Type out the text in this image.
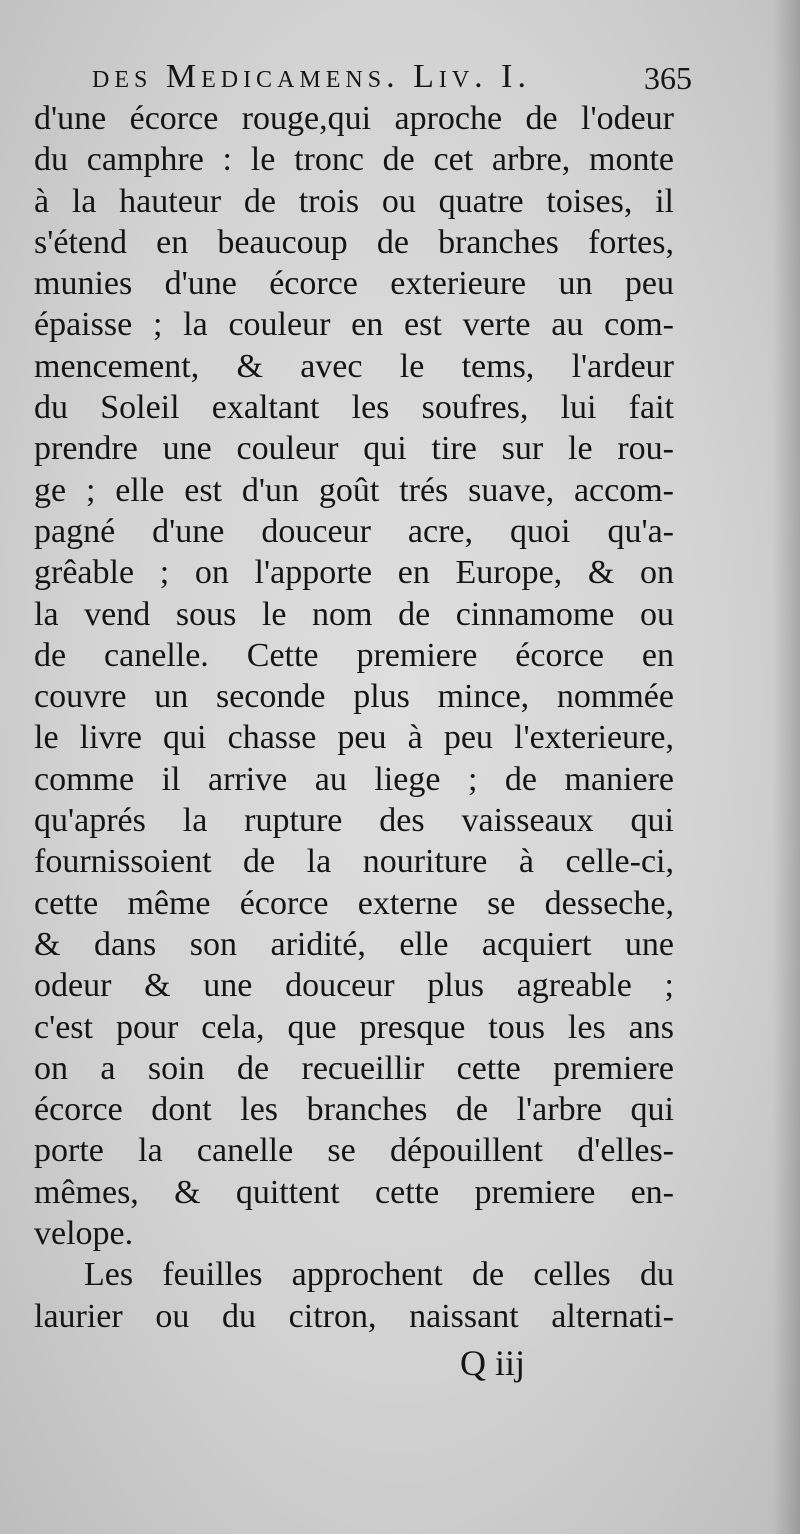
des Medicamens. Liv. I.	365
d'une écorce rouge,qui aproche de l'odeur
du camphre : le tronc de cet arbre, monte
à la hauteur de trois ou quatre toises, il
s'étend en beaucoup de branches fortes,
munies d'une écorce exterieure un peu
épaisse ; la couleur en est verte au com-
mencement, & avec le tems, l'ardeur
du Soleil exaltant les soufres, lui fait
prendre une couleur qui tire sur le rou-
ge ; elle est d'un goût trés suave, accom-
pagné d'une douceur acre, quoi qu'a-
grêable ; on l'apporte en Europe, & on
la vend sous le nom de cinnamome ou
de canelle. Cette premiere écorce en
couvre un seconde plus mince, nommée
le livre qui chasse peu à peu l'exterieure,
comme il arrive au liege ; de maniere
qu'aprés la rupture des vaisseaux qui
fournissoient de la nouriture à celle-ci,
cette même écorce externe se desseche,
& dans son aridité, elle acquiert une
odeur & une douceur plus agreable ;
c'est pour cela, que presque tous les ans
on a soin de recueillir cette premiere
écorce dont les branches de l'arbre qui
porte la canelle se dépouillent d'elles-
mêmes, & quittent cette premiere en-
velope.
Les feuilles approchent de celles du
laurier ou du citron, naissant alternati-
Q iij
